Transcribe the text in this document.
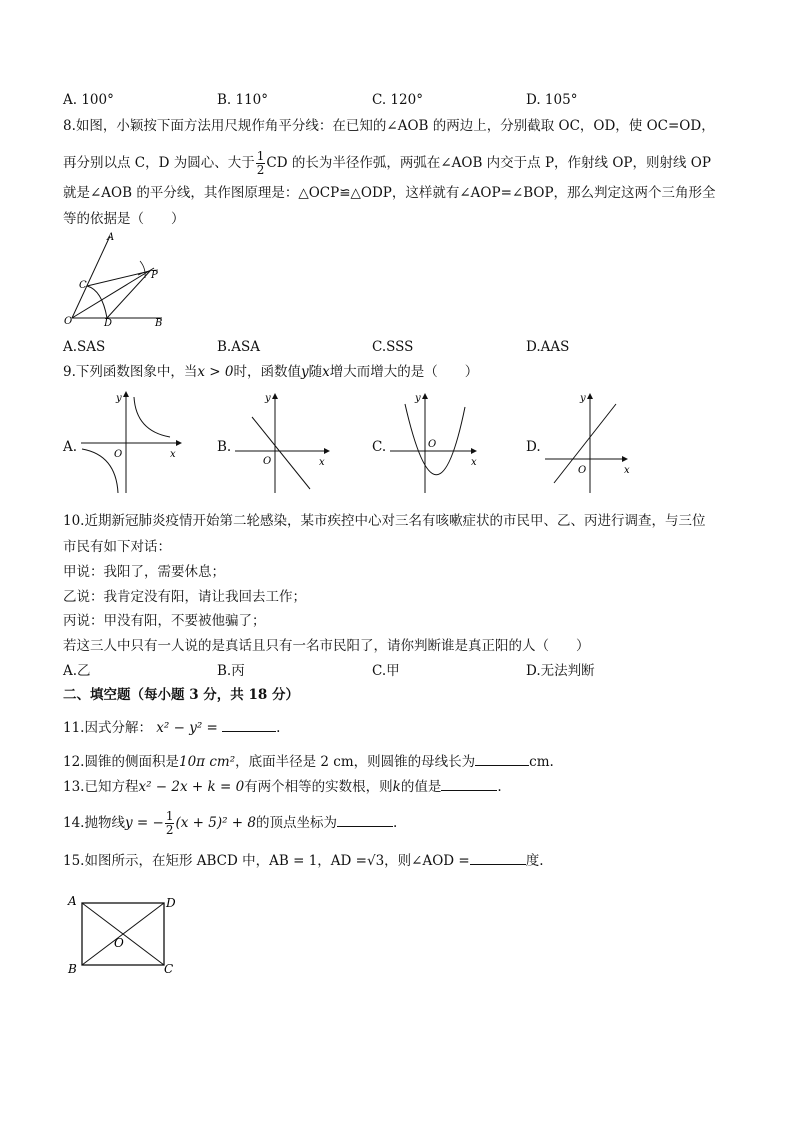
A. 100°	B. 110°	C. 120°	D. 105°
8.如图，小颖按下面方法用尺规作角平分线：在已知的∠AOB 的两边上，分别截取 OC，OD，使 OC=OD，
再分别以点 C，D 为圆心、大于 $\frac{1}{2}$ CD 的长为半径作弧，两弧在∠AOB 内交于点 P，作射线 OP，则射线 OP
就是∠AOB 的平分线，其作图原理是：△OCP≌△ODP，这样就有∠AOP=∠BOP，那么判定这两个三角形全
等的依据是（　　）
A
C
P
O	D	B
A.SAS	B.ASA	C.SSS	D.AAS
9.下列函数图象中，当x > 0时，函数值y随x增大而增大的是（　　）
A.	O	x
y
B.
O	x
y
C.	O
x
y
D.
O	x
y
10.近期新冠肺炎疫情开始第二轮感染，某市疾控中心对三名有咳嗽症状的市民甲、乙、丙进行调查，与三位
市民有如下对话：
甲说：我阳了，需要休息；
乙说：我肯定没有阳，请让我回去工作；
丙说：甲没有阳，不要被他骗了；
若这三人中只有一人说的是真话且只有一名市民阳了，请你判断谁是真正阳的人（　　）
A.乙	B.丙	C.甲	D.无法判断
二、填空题（每小题 3 分，共 18 分）
11.因式分解： x² − y² =	.
12.圆锥的侧面积是10π cm²，底面半径是 2 cm，则圆锥的母线长为	cm.
13.已知方程x² − 2x + k = 0有两个相等的实数根，则k的值是	.
14.抛物线y = − $\frac{1}{2} (x + 5)^2 + 8$的顶点坐标为	.
15.如图所示，在矩形 ABCD 中，AB = 1，AD =√3，则∠AOD =	度.
A	D
O
B	C
